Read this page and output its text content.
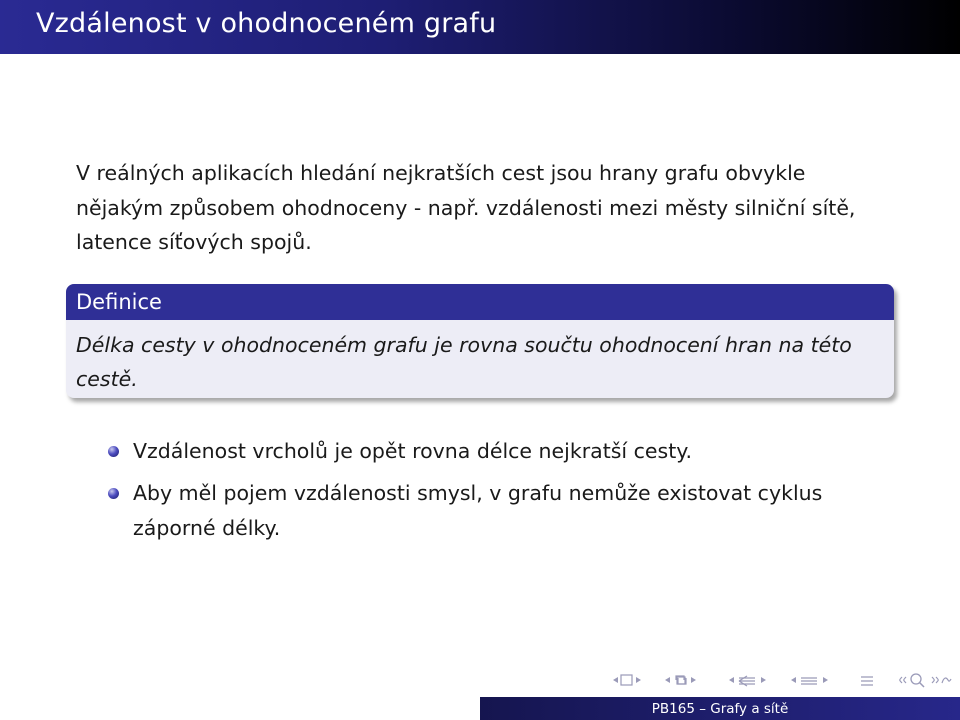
Vzdálenost v ohodnoceném grafu

V reálných aplikacích hledání nejkratších cest jsou hrany grafu obvykle nějakým způsobem ohodnoceny - např. vzdálenosti mezi městy silniční sítě, latence síťových spojů.

Definice
Délka cesty v ohodnoceném grafu je rovna součtu ohodnocení hran na této cestě.
Vzdálenost vrcholů je opět rovna délce nejkratší cesty.
Aby měl pojem vzdálenosti smysl, v grafu nemůže existovat cyklus záporné délky.
PB165 – Grafy a sítě
